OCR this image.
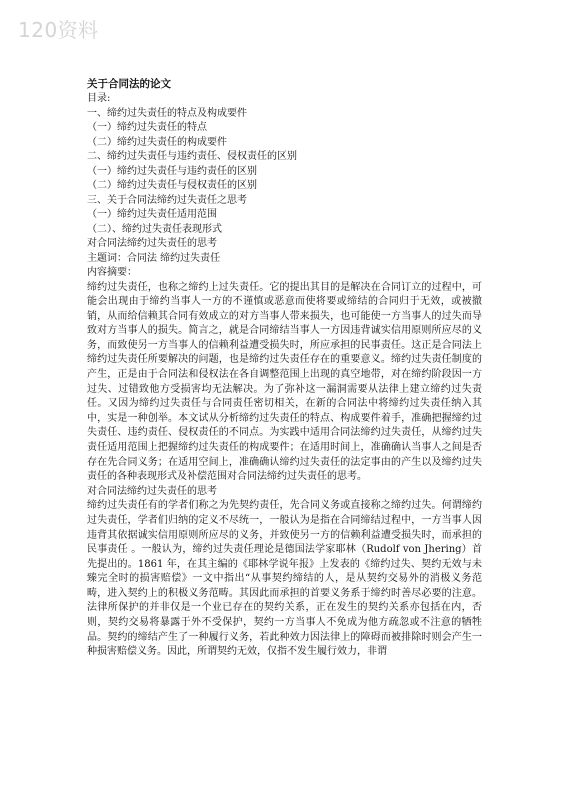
120资料

关于合同法的论文

目录:

一、缔约过失责任的特点及构成要件

（一）缔约过失责任的特点

（二）缔约过失责任的构成要件

二、缔约过失责任与违约责任、侵权责任的区别

（一）缔约过失责任与违约责任的区别

（二）缔约过失责任与侵权责任的区别

三、关于合同法缔约过失责任之思考

（一）缔约过失责任适用范围

（二）、缔约过失责任表现形式

对合同法缔约过失责任的思考

主题词：合同法 缔约过失责任

内容摘要：

缔约过失责任，也称之缔约上过失责任。它的提出其目的是解决在合同订立的过程中，可能会出现由于缔约当事人一方的不谨慎或恶意而使将要或缔结的合同归于无效，或被撤销，从而给信赖其合同有效成立的对方当事人带来损失，也可能使一方当事人的过失而导致对方当事人的损失。简言之，就是合同缔结当事人一方因违背诚实信用原则所应尽的义务，而致使另一方当事人的信赖利益遭受损失时，所应承担的民事责任。这正是合同法上缔约过失责任所要解决的问题，也是缔约过失责任存在的重要意义。缔约过失责任制度的产生，正是由于合同法和侵权法在各自调整范围上出现的真空地带，对在缔约阶段因一方过失、过错致他方受损害均无法解决。为了弥补这一漏洞需要从法律上建立缔约过失责任。又因为缔约过失责任与合同责任密切相关，在新的合同法中将缔约过失责任纳入其中，实是一种创举。本文试从分析缔约过失责任的特点、构成要件着手，准确把握缔约过失责任、违约责任、侵权责任的不同点。为实践中适用合同法缔约过失责任，从缔约过失责任适用范围上把握缔约过失责任的构成要件；在适用时间上，准确确认当事人之间是否存在先合同义务；在适用空间上，准确确认缔约过失责任的法定事由的产生以及缔约过失责任的各种表现形式及补偿范围对合同法缔约过失责任的思考。

对合同法缔约过失责任的思考

缔约过失责任有的学者们称之为先契约责任，先合同义务或直接称之缔约过失。何谓缔约过失责任，学者们归纳的定义不尽统一，一般认为是指在合同缔结过程中，一方当事人因违背其依据诚实信用原则所应尽的义务，并致使另一方的信赖利益遭受损失时，而承担的民事责任 。一般认为，缔约过失责任理论是德国法学家耶林（Rudolf von Jhering）首先提出的。1861 年，在其主编的《耶林学说年报》上发表的《缔约过失、契约无效与未臻完全时的损害赔偿》一文中指出“从事契约缔结的人，是从契约交易外的消极义务范畴，进入契约上的积极义务范畴。其因此而承担的首要义务系于缔约时善尽必要的注意。法律所保护的并非仅是一个业已存在的契约关系，正在发生的契约关系亦包括在内，否则，契约交易将暴露于外不受保护，契约一方当事人不免成为他方疏忽或不注意的牺牲品。契约的缔结产生了一种履行义务，若此种效力因法律上的障碍而被排除时则会产生一种损害赔偿义务。因此，所谓契约无效，仅指不发生履行效力，非谓
